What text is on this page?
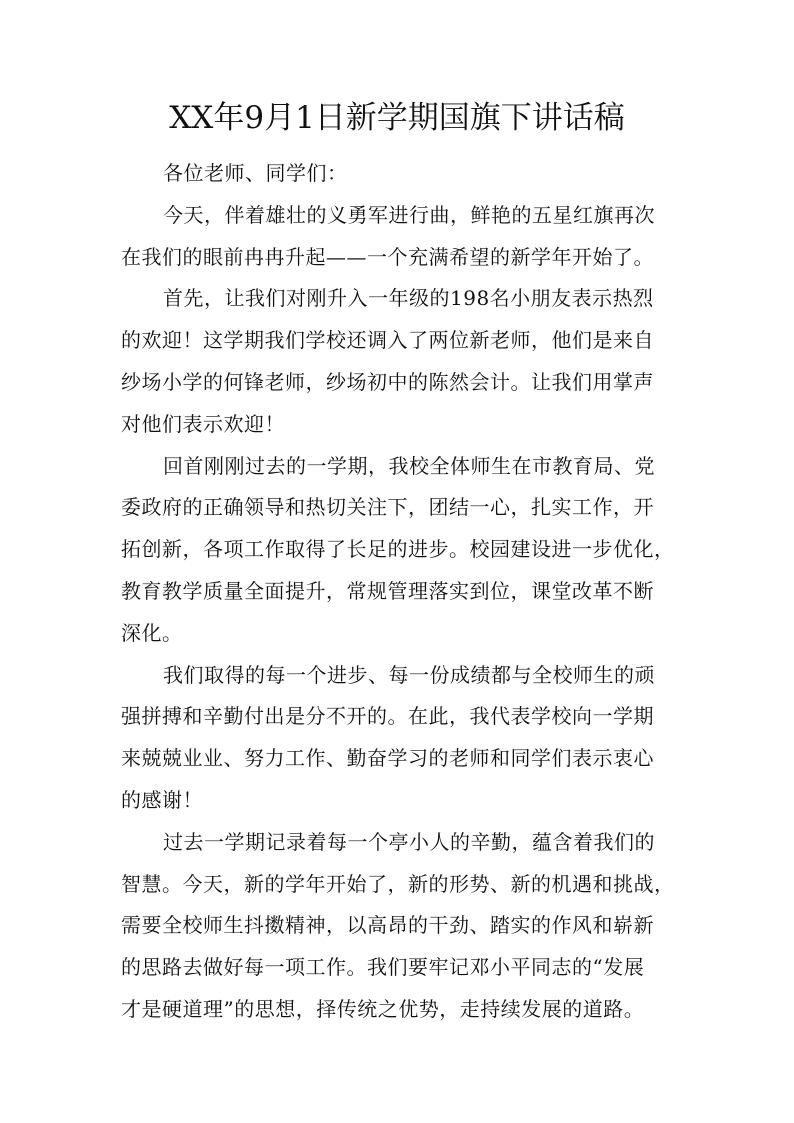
XX年9月1日新学期国旗下讲话稿
各位老师、同学们：
今天，伴着雄壮的义勇军进行曲，鲜艳的五星红旗再次
在我们的眼前冉冉升起——一个充满希望的新学年开始了。
首先，让我们对刚升入一年级的198名小朋友表示热烈
的欢迎！这学期我们学校还调入了两位新老师，他们是来自
纱场小学的何锋老师，纱场初中的陈然会计。让我们用掌声
对他们表示欢迎！
回首刚刚过去的一学期，我校全体师生在市教育局、党
委政府的正确领导和热切关注下，团结一心，扎实工作，开
拓创新，各项工作取得了长足的进步。校园建设进一步优化，
教育教学质量全面提升，常规管理落实到位，课堂改革不断
深化。
我们取得的每一个进步、每一份成绩都与全校师生的顽
强拼搏和辛勤付出是分不开的。在此，我代表学校向一学期
来兢兢业业、努力工作、勤奋学习的老师和同学们表示衷心
的感谢！
过去一学期记录着每一个亭小人的辛勤，蕴含着我们的
智慧。今天，新的学年开始了，新的形势、新的机遇和挑战，
需要全校师生抖擞精神，以高昂的干劲、踏实的作风和崭新
的思路去做好每一项工作。我们要牢记邓小平同志的“发展
才是硬道理”的思想，择传统之优势，走持续发展的道路。
